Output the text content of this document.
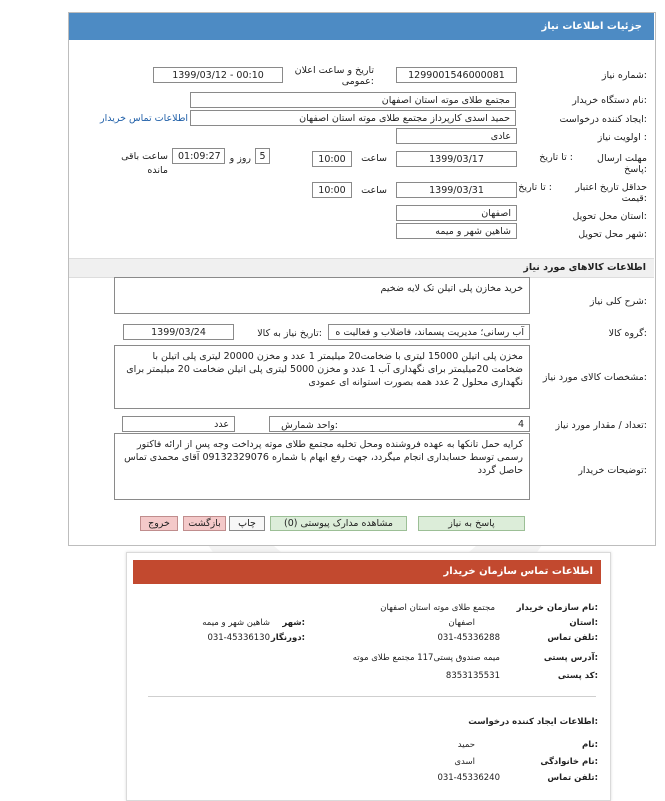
جزئیات اطلاعات نیاز
شماره نیاز:
1299001546000081
تاریخ و ساعت اعلان عمومی:
1399/03/12 - 00:10
نام دستگاه خریدار:
مجتمع طلای موته استان اصفهان
ایجاد کننده درخواست:
حمید اسدی کارپرداز مجتمع طلای موته استان اصفهان
اطلاعات تماس خریدار
اولویت نیاز :
عادی
مهلت ارسال پاسخ:
تا تاریخ :
1399/03/17
ساعت
10:00
5
روز و
01:09:27
ساعت باقی مانده
حداقل تاریخ اعتبار قیمت:
تا تاریخ :
1399/03/31
ساعت
10:00
استان محل تحویل:
اصفهان
شهر محل تحویل:
شاهین شهر و میمه
اطلاعات کالاهای مورد نیاز
شرح کلی نیاز:
خرید مخازن پلی اتیلن تک لایه ضخیم
گروه کالا:
آب رسانی؛ مدیریت پسماند، فاضلاب و فعالیت ه
تاریخ نیاز به کالا:
1399/03/24
مشخصات کالای مورد نیاز:
مخزن پلی اتیلن 15000 لیتری با ضخامت20 میلیمتر 1 عدد و مخزن 20000 لیتری پلی اتیلن با ضخامت 20میلیمتر برای نگهداری آب 1 عدد و مخزن 5000 لیتری پلی اتیلن ضخامت 20 میلیمتر برای نگهداری محلول 2 عدد همه بصورت استوانه ای عمودی
تعداد / مقدار مورد نیاز:
4
واحد شمارش:
عدد
توضیحات خریدار:
کرایه حمل تانکها به عهده فروشنده ومحل تخلیه مجتمع طلای موته پرداخت وجه پس از ارائه فاکتور رسمی توسط حسابداری انجام میگردد، جهت رفع ابهام با شماره 09132329076 آقای محمدی تماس حاصل گردد
پاسخ به نیاز
مشاهده مدارک پیوستی (0)
چاپ
بازگشت
خروج
اطلاعات تماس سازمان خریدار
نام سازمان خریدار:
مجتمع طلای موته استان اصفهان
استان:
اصفهان
شهر:
شاهین شهر و میمه
تلفن تماس:
031-45336288
دورنگار:
031-45336130
آدرس پستی:
میمه صندوق پستی117 مجتمع طلای موته
کد پستی:
8353135531
اطلاعات ایجاد کننده درخواست:
نام:
حمید
نام خانوادگی:
اسدی
تلفن تماس:
031-45336240
